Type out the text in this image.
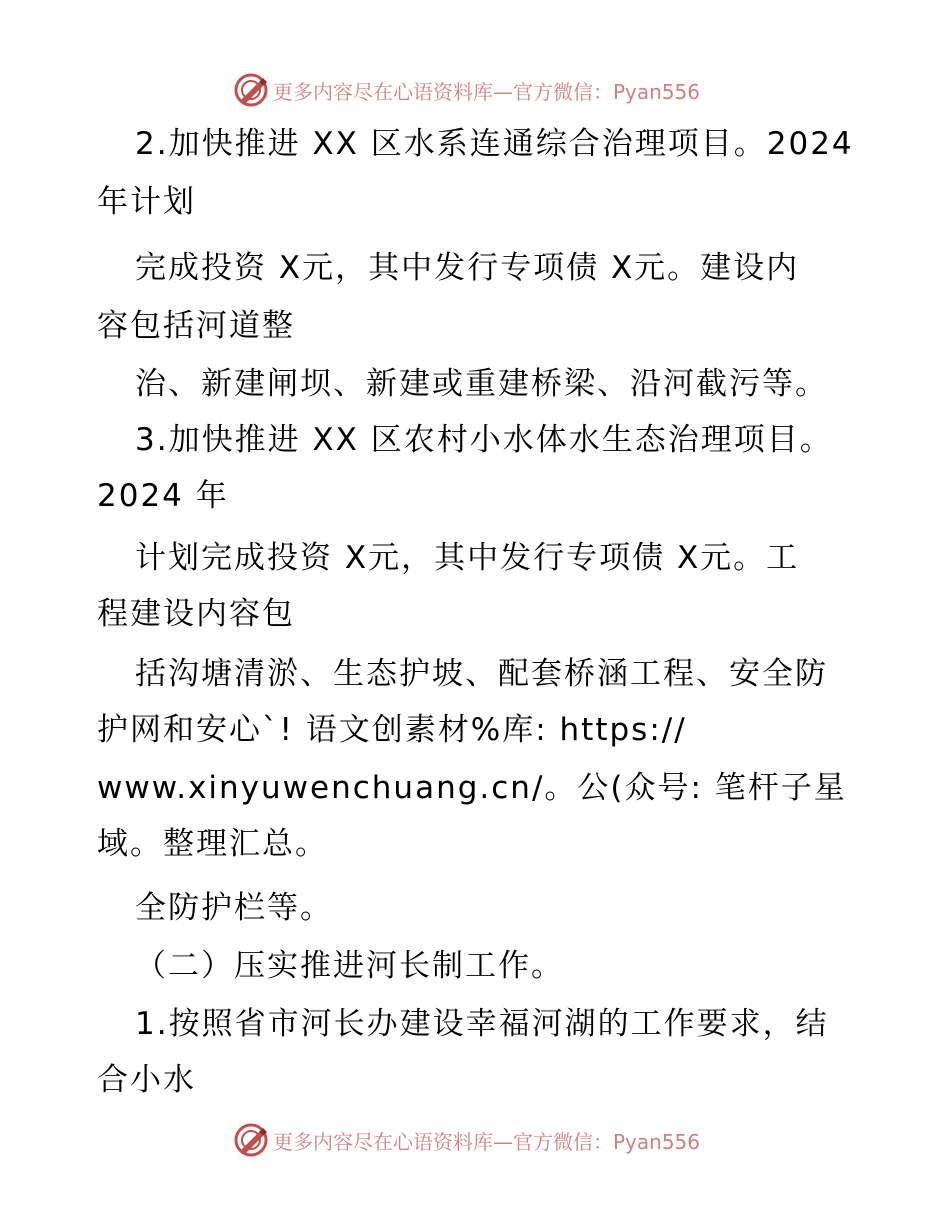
更多内容尽在心语资料库—官方微信：Pyan556
2.加快推进 XX 区水系连通综合治理项目。2024
年计划
完成投资 X元，其中发行专项债 X元。建设内
容包括河道整
治、新建闸坝、新建或重建桥梁、沿河截污等。
3.加快推进 XX 区农村小水体水生态治理项目。
2024 年
计划完成投资 X元，其中发行专项债 X元。工
程建设内容包
括沟塘清淤、生态护坡、配套桥涵工程、安全防
护网和安心`! 语文创素材%库: https://
www.xinyuwenchuang.cn/。公(众号: 笔杆子星
域。整理汇总。
全防护栏等。
（二）压实推进河长制工作。
1.按照省市河长办建设幸福河湖的工作要求，结
合小水
更多内容尽在心语资料库—官方微信：Pyan556
